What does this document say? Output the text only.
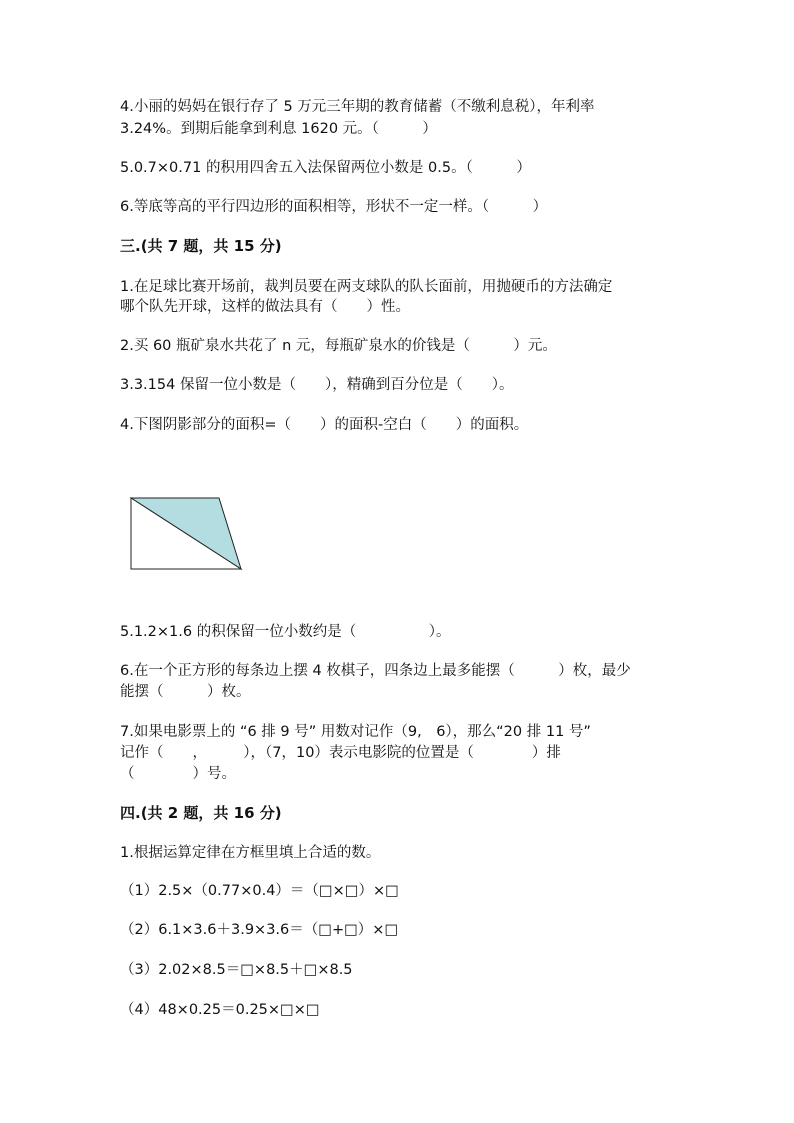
4.小丽的妈妈在银行存了 5 万元三年期的教育储蓄（不缴利息税），年利率
3.24%。到期后能拿到利息 1620 元。（　　　）
5.0.7×0.71 的积用四舍五入法保留两位小数是 0.5。（　　　）
6.等底等高的平行四边形的面积相等，形状不一定一样。（　　　）
三.(共 7 题，共 15 分)
1.在足球比赛开场前，裁判员要在两支球队的队长面前，用抛硬币的方法确定
哪个队先开球，这样的做法具有（　　）性。
2.买 60 瓶矿泉水共花了 n 元，每瓶矿泉水的价钱是（　　　）元。
3.3.154 保留一位小数是（　　），精确到百分位是（　　）。
4.下图阴影部分的面积=（　　）的面积-空白（　　）的面积。
5.1.2×1.6 的积保留一位小数约是（　　　　　）。
6.在一个正方形的每条边上摆 4 枚棋子，四条边上最多能摆（　　　）枚，最少
能摆（　　　）枚。
7.如果电影票上的 “6 排 9 号” 用数对记作（9,　6），那么“20 排 11 号”
记作（　　，　　　），（7，10）表示电影院的位置是（　　　　）排
（　　　　）号。
四.(共 2 题，共 16 分)
1.根据运算定律在方框里填上合适的数。
（1）2.5×（0.77×0.4）＝（□×□）×□
（2）6.1×3.6＋3.9×3.6＝（□+□）×□
（3）2.02×8.5＝□×8.5＋□×8.5
（4）48×0.25＝0.25×□×□
